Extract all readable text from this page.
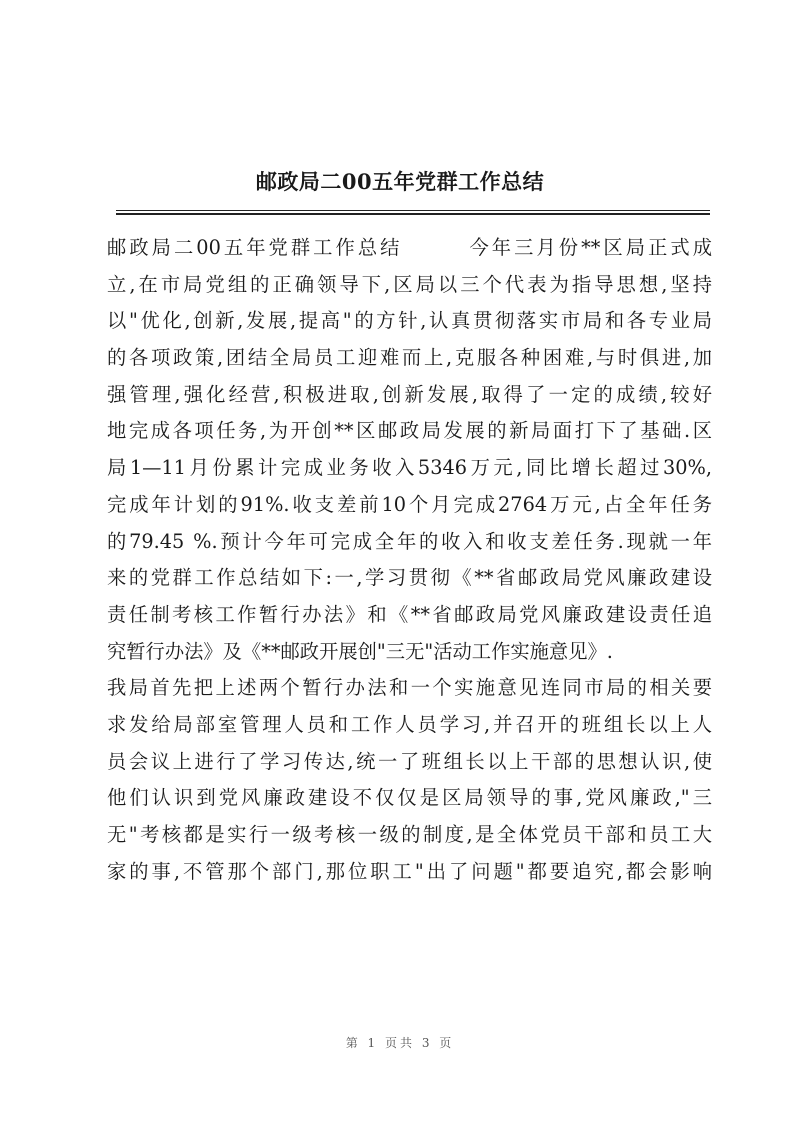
邮政局二00五年党群工作总结
邮政局二00五年党群工作总结　　　今年三月份**区局正式成
立,在市局党组的正确领导下,区局以三个代表为指导思想,坚持
以"优化,创新,发展,提高"的方针,认真贯彻落实市局和各专业局
的各项政策,团结全局员工迎难而上,克服各种困难,与时俱进,加
强管理,强化经营,积极进取,创新发展,取得了一定的成绩,较好
地完成各项任务,为开创**区邮政局发展的新局面打下了基础.区
局1—11月份累计完成业务收入5346万元,同比增长超过30%,
完成年计划的91%.收支差前10个月完成2764万元,占全年任务
的79.45 %.预计今年可完成全年的收入和收支差任务.现就一年
来的党群工作总结如下:一,学习贯彻《**省邮政局党风廉政建设
责任制考核工作暂行办法》和《**省邮政局党风廉政建设责任追
究暂行办法》及《**邮政开展创"三无"活动工作实施意见》.
我局首先把上述两个暂行办法和一个实施意见连同市局的相关要
求发给局部室管理人员和工作人员学习,并召开的班组长以上人
员会议上进行了学习传达,统一了班组长以上干部的思想认识,使
他们认识到党风廉政建设不仅仅是区局领导的事,党风廉政,"三
无"考核都是实行一级考核一级的制度,是全体党员干部和员工大
家的事,不管那个部门,那位职工"出了问题"都要追究,都会影响
第 1 页共 3 页
